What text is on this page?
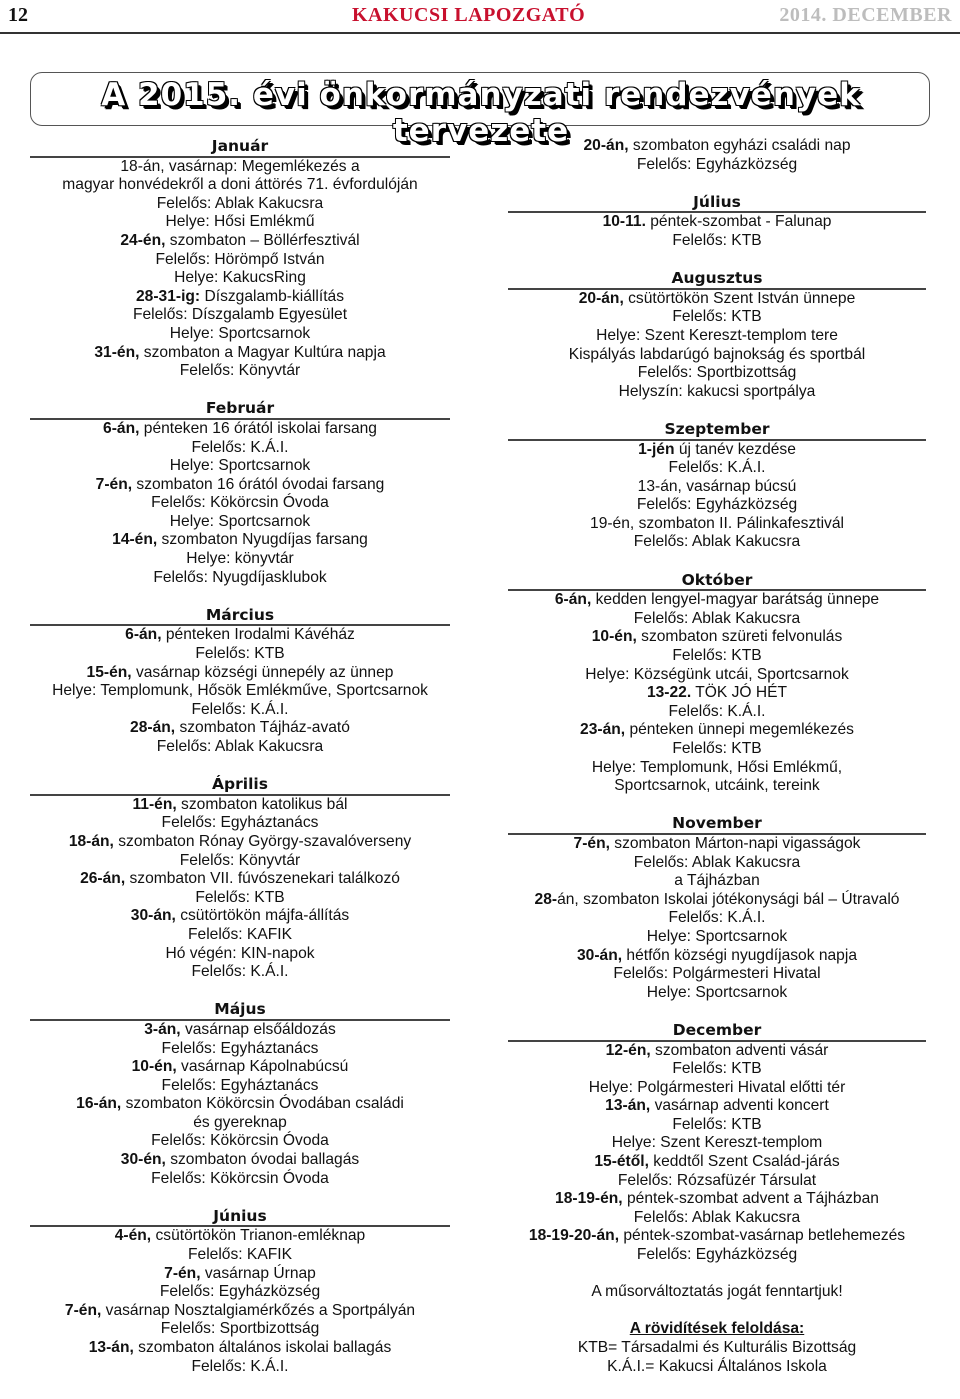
12	KAKUCSI LAPOZGATÓ	2014. DECEMBER
A 2015. évi önkormányzati rendezvények tervezete
Január
18-án, vasárnap: Megemlékezés a
magyar honvédekről a doni áttörés 71. évfordulóján
Felelős: Ablak Kakucsra
Helye: Hősi Emlékmű
24-én, szombaton – Böllérfesztivál
Felelős: Hörömpő István
Helye: KakucsRing
28-31-ig: Díszgalamb-kiállítás
Felelős: Díszgalamb Egyesület
Helye: Sportcsarnok
31-én, szombaton a Magyar Kultúra napja
Felelős: Könyvtár
Február
6-án, pénteken 16 órától iskolai farsang
Felelős: K.Á.I.
Helye: Sportcsarnok
7-én, szombaton 16 órától óvodai farsang
Felelős: Kökörcsin Óvoda
Helye: Sportcsarnok
14-én, szombaton Nyugdíjas farsang
Helye: könyvtár
Felelős: Nyugdíjasklubok
Március
6-án, pénteken Irodalmi Kávéház
Felelős: KTB
15-én, vasárnap községi ünnepély az ünnep
Helye: Templomunk, Hősök Emlékműve, Sportcsarnok
Felelős: K.Á.I.
28-án, szombaton Tájház-avató
Felelős: Ablak Kakucsra
Április
11-én, szombaton katolikus bál
Felelős: Egyháztanács
18-án, szombaton Rónay György-szavalóverseny
Felelős: Könyvtár
26-án, szombaton VII. fúvószenekari találkozó
Felelős: KTB
30-án, csütörtökön májfa-állítás
Felelős: KAFIK
Hó végén: KIN-napok
Felelős: K.Á.I.
Május
3-án, vasárnap elsőáldozás
Felelős: Egyháztanács
10-én, vasárnap Kápolnabúcsú
Felelős: Egyháztanács
16-án, szombaton Kökörcsin Óvodában családi
és gyereknap
Felelős: Kökörcsin Óvoda
30-én, szombaton óvodai ballagás
Felelős: Kökörcsin Óvoda
Június
4-én, csütörtökön Trianon-emléknap
Felelős: KAFIK
7-én, vasárnap Úrnap
Felelős: Egyházközség
7-én, vasárnap Nosztalgiamérkőzés a Sportpályán
Felelős: Sportbizottság
13-án, szombaton általános iskolai ballagás
Felelős: K.Á.I.
20-án, szombaton egyházi családi nap
Felelős: Egyházközség
Július
10-11. péntek-szombat - Falunap
Felelős: KTB
Augusztus
20-án, csütörtökön Szent István ünnepe
Felelős: KTB
Helye: Szent Kereszt-templom tere
Kispályás labdarúgó bajnokság és sportbál
Felelős: Sportbizottság
Helyszín: kakucsi sportpálya
Szeptember
1-jén új tanév kezdése
Felelős: K.Á.I.
13-án, vasárnap búcsú
Felelős: Egyházközség
19-én, szombaton II. Pálinkafesztivál
Felelős: Ablak Kakucsra
Október
6-án, kedden lengyel-magyar barátság ünnepe
Felelős: Ablak Kakucsra
10-én, szombaton szüreti felvonulás
Felelős: KTB
Helye: Községünk utcái, Sportcsarnok
13-22. TÖK JÓ HÉT
Felelős: K.Á.I.
23-án, pénteken ünnepi megemlékezés
Felelős: KTB
Helye: Templomunk, Hősi Emlékmű,
Sportcsarnok, utcáink, tereink
November
7-én, szombaton Márton-napi vigasságok
Felelős: Ablak Kakucsra
a Tájházban
28-án, szombaton Iskolai jótékonysági bál – Útravaló
Felelős: K.Á.I.
Helye: Sportcsarnok
30-án, hétfőn községi nyugdíjasok napja
Felelős: Polgármesteri Hivatal
Helye: Sportcsarnok
December
12-én, szombaton adventi vásár
Felelős: KTB
Helye: Polgármesteri Hivatal előtti tér
13-án, vasárnap adventi koncert
Felelős: KTB
Helye: Szent Kereszt-templom
15-étől, keddtől Szent Család-járás
Felelős: Rózsafüzér Társulat
18-19-én, péntek-szombat advent a Tájházban
Felelős: Ablak Kakucsra
18-19-20-án, péntek-szombat-vasárnap betlehemezés
Felelős: Egyházközség
A műsorváltoztatás jogát fenntartjuk!
A rövidítések feloldása:
KTB= Társadalmi és Kulturális Bizottság
K.Á.I.= Kakucsi Általános Iskola
